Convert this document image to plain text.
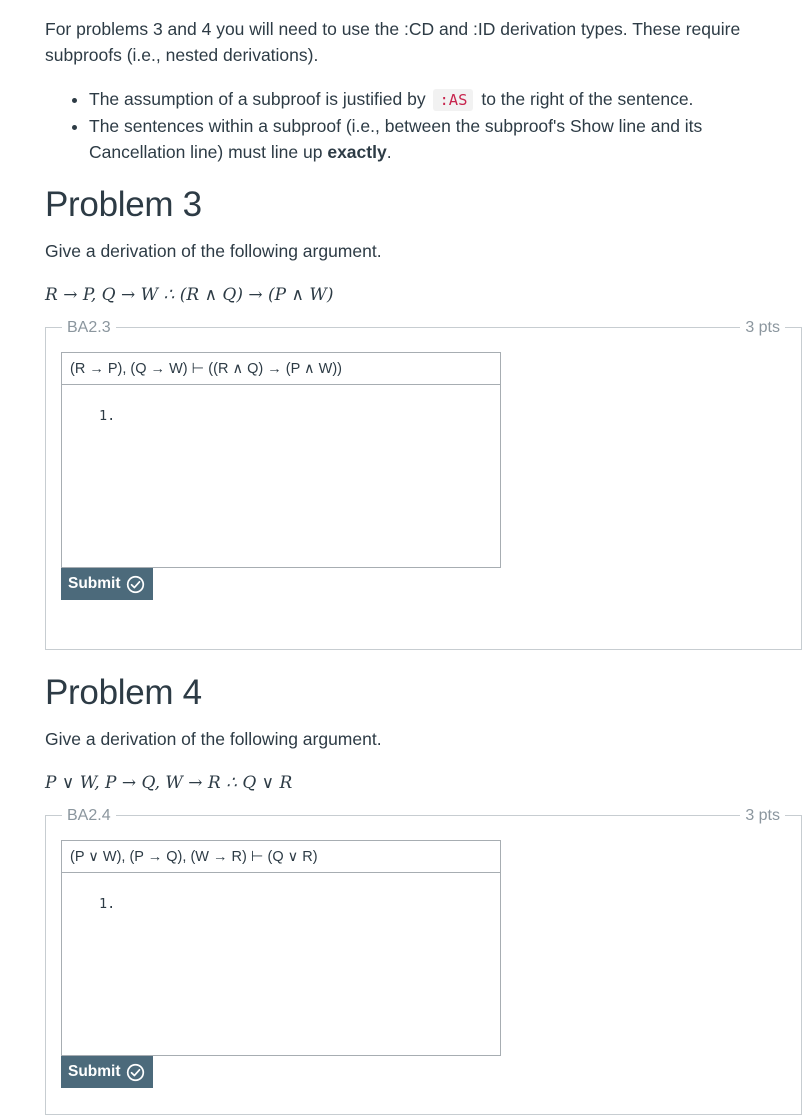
For problems 3 and 4 you will need to use the :CD and :ID derivation types. These require subproofs (i.e., nested derivations).

• The assumption of a subproof is justified by :AS to the right of the sentence.
• The sentences within a subproof (i.e., between the subproof's Show line and its Cancellation line) must line up exactly.
Problem 3

Give a derivation of the following argument.

R → P, Q → W ∴ (R ∧ Q) → (P ∧ W)

BA2.3	3 pts
(R → P), (Q → W) ⊢ ((R ∧ Q) → (P ∧ W))
1.
Submit
Problem 4

Give a derivation of the following argument.

P ∨ W, P → Q, W → R ∴ Q ∨ R

BA2.4	3 pts
(P ∨ W), (P → Q), (W → R) ⊢ (Q ∨ R)
1.
Submit
